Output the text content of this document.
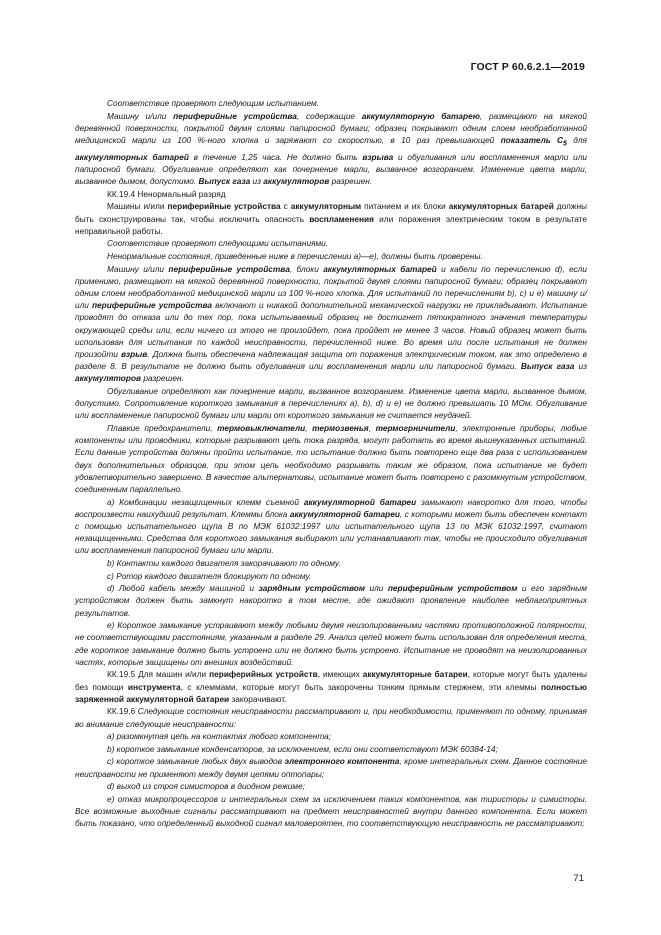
ГОСТ Р 60.6.2.1—2019

Соответствие проверяют следующим испытанием.

Машину и/или периферийные устройства, содержащие аккумуляторную батарею, размещают на мягкой деревянной поверхности, покрытой двумя слоями папиросной бумаги; образец покрывают одним слоем необработанной медицинской марли из 100 %-ного хлопка и заряжают со скоростью, в 10 раз превышающей показатель $C_5$ для аккумуляторных батарей в течение 1,25 часа. Не должно быть взрыва и обугливания или воспламенения марли или папиросной бумаги. Обугливание определяют как почернение марли, вызванное возгоранием. Изменение цвета марли, вызванное дымом, допустимо. Выпуск газа из аккумуляторов разрешен.

КК.19.4 Ненормальный разряд

Машины и/или периферийные устройства с аккумуляторным питанием и их блоки аккумуляторных батарей должны быть сконструированы так, чтобы исключить опасность воспламенения или поражения электрическим током в результате неправильной работы.

Соответствие проверяют следующими испытаниями.

Ненормальные состояния, приведенные ниже в перечислении а)—е), должны быть проверены.

Машину и/или периферийные устройства, блоки аккумуляторных батарей и кабели по перечислению d), если применимо, размещают на мягкой деревянной поверхности, покрытой двумя слоями папиросной бумаги; образец покрывают одним слоем необработанной медицинской марли из 100 %-ного хлопка. Для испытаний по перечислениям b), с) и е) машину и/или периферийные устройства включают и никакой дополнительной механической нагрузки не прикладывают. Испытание проводят до отказа или до тех пор, пока испытываемый образец не достигнет пятикратного значения температуры окружающей среды или, если ничего из этого не произойдет, пока пройдет не менее 3 часов. Новый образец может быть использован для испытания по каждой неисправности, перечисленной ниже. Во время или после испытания не должен произойти взрыв. Должна быть обеспечена надлежащая защита от поражения электрическим током, как это определено в разделе 8. В результате не должно быть обугливания или воспламенения марли или папиросной бумаги. Выпуск газа из аккумуляторов разрешен.

Обугливание определяют как почернение марли, вызванное возгоранием. Изменение цвета марли, вызванное дымом, допустимо. Сопротивление короткого замыкания в перечислениях а), b), d) и е) не должно превышать 10 МОм. Обугливание или воспламенение папиросной бумаги или марли от короткого замыкания не считается неудачей.

Плавкие предохранители, термовыключатели, термозвенья, термогрничители, электронные приборы, любые компоненты или проводники, которые разрывают цепь тока разряда, могут работать во время вышеуказанных испытаний. Если данные устройства должны пройти испытание, то испытание должно быть повторено еще два раза с использованием двух дополнительных образцов, при этом цепь необходимо разрывать таким же образом, пока испытание не будет удовлетворительно завершено. В качестве альтернативы, испытание может быть повторено с разомкнутым устройством, соединенным параллельно.

а) Комбинации незащищенных клемм съемной аккумуляторной батареи замыкают накоротко для того, чтобы воспроизвести наихудший результат. Клеммы блока аккумуляторной батареи, с которыми может быть обеспечен контакт с помощью испытательного щупа В по МЭК 61032:1997 или испытательного щупа 13 по МЭК 61032:1997, считают незащищенными. Средства для короткого замыкания выбирают или устанавливают так, чтобы не происходило обугливания или воспламенения папиросной бумаги или марли.

b) Контакты каждого двигателя закорачивают по одному.

с) Ротор каждого двигателя блокируют по одному.

d) Любой кабель между машиной и зарядным устройством или периферийным устройством и его зарядным устройством должен быть замкнут накоротко в том месте, где ожидают проявление наиболее неблагоприятных результатов.

е) Короткое замыкание устраивают между любыми двумя неизолированными частями противоположной полярности, не соответствующими расстояниям, указанным в разделе 29. Анализ цепей может быть использован для определения места, где короткое замыкание должно быть устроено или не должно быть устроено. Испытание не проводят на неизолированных частях, которые защищены от внешних воздействий.

КК.19.5 Для машин и/или периферийных устройств, имеющих аккумуляторные батареи, которые могут быть удалены без помощи инструмента, с клеммами, которые могут быть закорочены тонким прямым стержнем, эти клеммы полностью заряженной аккумуляторной батареи закорачивают.

КК.19.6 Следующие состояния неисправности рассматривают и, при необходимости, применяют по одному, принимая во внимание следующие неисправности:

а) разомкнутая цепь на контактах любого компонента;

b) короткое замыкание конденсаторов, за исключением, если они соответствуют МЭК 60384-14;

с) короткое замыкание любых двух выводов электронного компонента, кроме интегральных схем. Данное состояние неисправности не применяют между двумя цепями оптопары;

d) выход из строя симисторов в диодном режиме;

е) отказ микропроцессоров и интегральных схем за исключением таких компонентов, как тиристоры и симисторы. Все возможные выходные сигналы рассматривают на предмет неисправностей внутри данного компонента. Если может быть показано, что определенный выходной сигнал маловероятен, то соответствующую неисправность не рассматривают;

71
